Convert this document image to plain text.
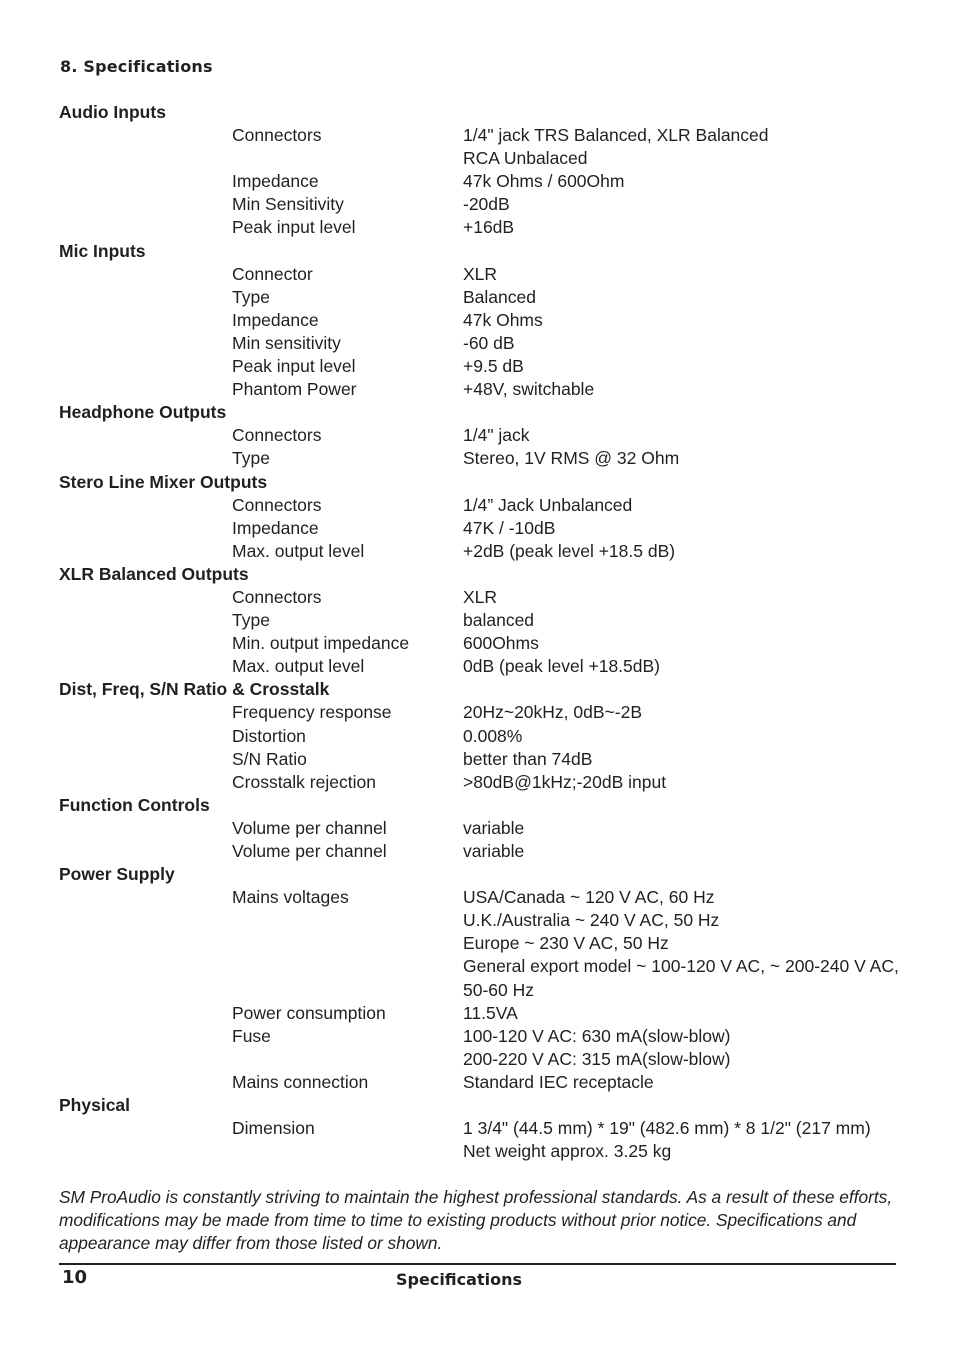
8. Specifications
Audio Inputs
Connectors	1/4" jack TRS Balanced, XLR Balanced
RCA Unbalaced
Impedance	47k Ohms / 600Ohm
Min Sensitivity	-20dB
Peak input level	+16dB
Mic Inputs
Connector	XLR
Type	Balanced
Impedance	47k Ohms
Min sensitivity	-60 dB
Peak input level	+9.5 dB
Phantom Power	+48V, switchable
Headphone Outputs
Connectors	1/4" jack
Type	Stereo, 1V RMS @ 32 Ohm
Stero Line Mixer Outputs
Connectors	1/4” Jack Unbalanced
Impedance	47K / -10dB
Max. output level	+2dB (peak level +18.5 dB)
XLR Balanced Outputs
Connectors	XLR
Type	balanced
Min. output impedance	600Ohms
Max. output level	0dB (peak level +18.5dB)
Dist, Freq, S/N Ratio & Crosstalk
Frequency response	20Hz~20kHz, 0dB~-2B
Distortion	0.008%
S/N Ratio	better than 74dB
Crosstalk rejection	>80dB@1kHz;-20dB input
Function Controls
Volume per channel	variable
Volume per channel	variable
Power Supply
Mains voltages	USA/Canada ~ 120 V AC, 60 Hz
U.K./Australia ~ 240 V AC, 50 Hz
Europe ~ 230 V AC, 50 Hz
General export model ~ 100-120 V AC, ~ 200-240 V AC,
50-60 Hz
Power consumption	11.5VA
Fuse	100-120 V AC: 630 mA(slow-blow)
200-220 V AC: 315 mA(slow-blow)
Mains connection	Standard IEC receptacle
Physical
Dimension	1 3/4" (44.5 mm) * 19" (482.6 mm) * 8 1/2" (217 mm)
Net weight approx. 3.25 kg
SM ProAudio is constantly striving to maintain the highest professional standards. As a result of these efforts, modifications may be made from time to time to existing products without prior notice. Specifications and appearance may differ from those listed or shown.
10	Specifications
